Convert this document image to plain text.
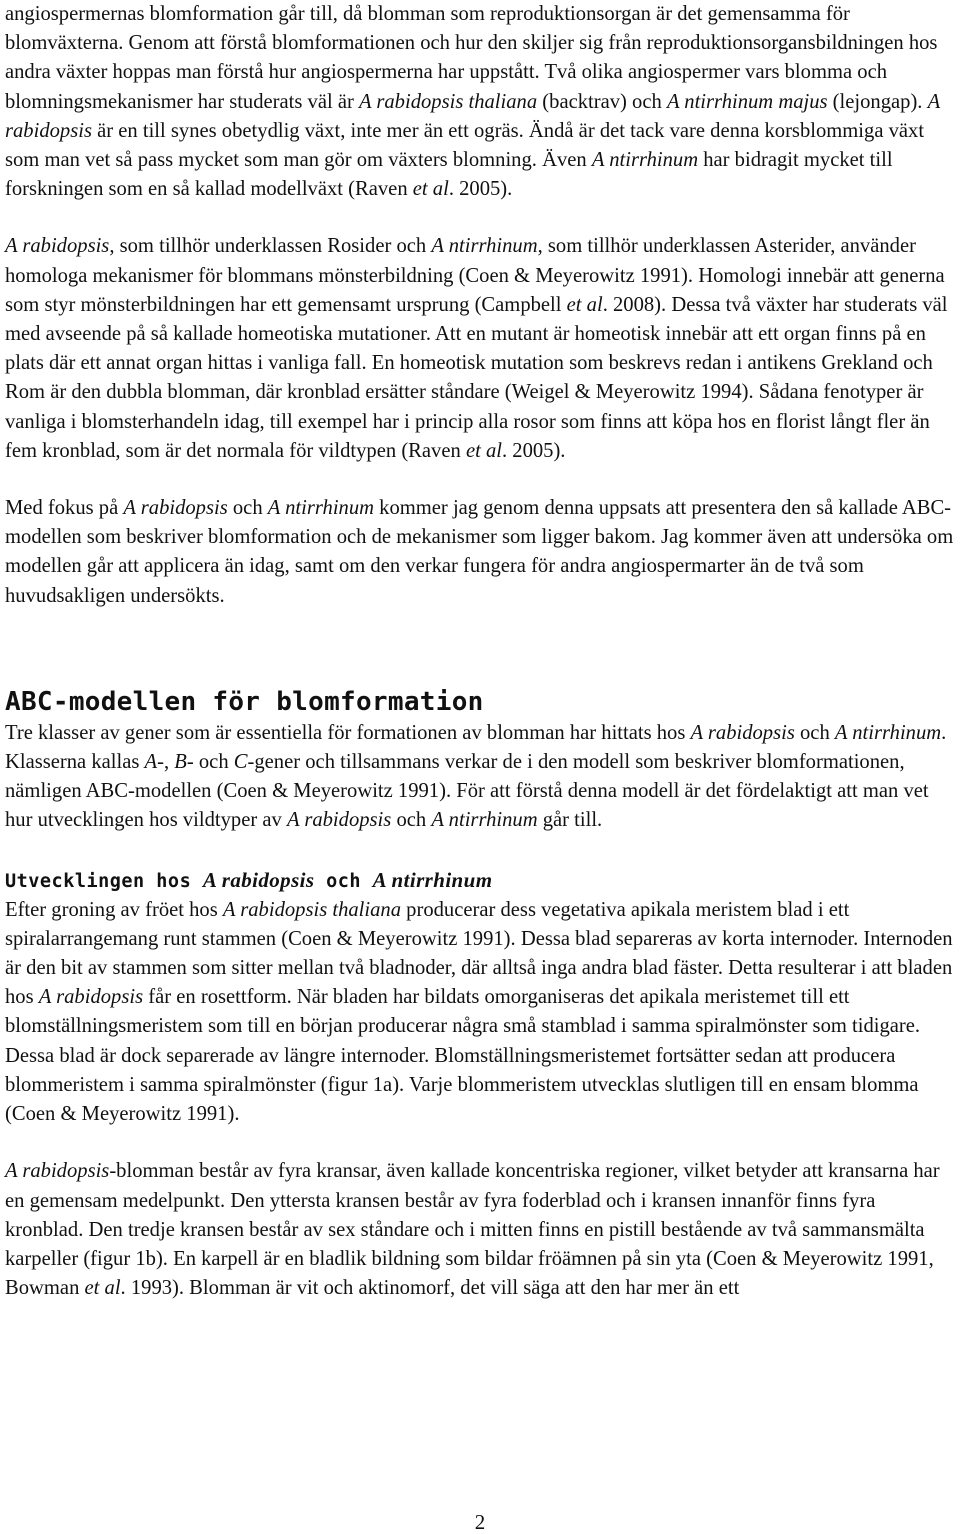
angiospermernas blomformation går till, då blomman som reproduktionsorgan är det gemensamma för blomväxterna. Genom att förstå blomformationen och hur den skiljer sig från reproduktionsorgansbildningen hos andra växter hoppas man förstå hur angiospermerna har uppstått. Två olika angiospermer vars blomma och blomningsmekanismer har studerats väl är A rabidopsis thaliana (backtrav) och A ntirrhinum majus (lejongap). A rabidopsis är en till synes obetydlig växt, inte mer än ett ogräs. Ändå är det tack vare denna korsblommiga växt som man vet så pass mycket som man gör om växters blomning. Även A ntirrhinum har bidragit mycket till forskningen som en så kallad modellväxt (Raven et al. 2005).

A rabidopsis, som tillhör underklassen Rosider och A ntirrhinum, som tillhör underklassen Asterider, använder homologa mekanismer för blommans mönsterbildning (Coen & Meyerowitz 1991). Homologi innebär att generna som styr mönsterbildningen har ett gemensamt ursprung (Campbell et al. 2008). Dessa två växter har studerats väl med avseende på så kallade homeotiska mutationer. Att en mutant är homeotisk innebär att ett organ finns på en plats där ett annat organ hittas i vanliga fall. En homeotisk mutation som beskrevs redan i antikens Grekland och Rom är den dubbla blomman, där kronblad ersätter ståndare (Weigel & Meyerowitz 1994). Sådana fenotyper är vanliga i blomsterhandeln idag, till exempel har i princip alla rosor som finns att köpa hos en florist långt fler än fem kronblad, som är det normala för vildtypen (Raven et al. 2005).

Med fokus på A rabidopsis och A ntirrhinum kommer jag genom denna uppsats att presentera den så kallade ABC-modellen som beskriver blomformation och de mekanismer som ligger bakom. Jag kommer även att undersöka om modellen går att applicera än idag, samt om den verkar fungera för andra angiospermarter än de två som huvudsakligen undersökts.

ABC-modellen för blomformation

Tre klasser av gener som är essentiella för formationen av blomman har hittats hos A rabidopsis och A ntirrhinum. Klasserna kallas A-, B- och C-gener och tillsammans verkar de i den modell som beskriver blomformationen, nämligen ABC-modellen (Coen & Meyerowitz 1991). För att förstå denna modell är det fördelaktigt att man vet hur utvecklingen hos vildtyper av A rabidopsis och A ntirrhinum går till.

Utvecklingen hos A rabidopsis och A ntirrhinum

Efter groning av fröet hos A rabidopsis thaliana producerar dess vegetativa apikala meristem blad i ett spiralarrangemang runt stammen (Coen & Meyerowitz 1991). Dessa blad separeras av korta internoder. Internoden är den bit av stammen som sitter mellan två bladnoder, där alltså inga andra blad fäster. Detta resulterar i att bladen hos A rabidopsis får en rosettform. När bladen har bildats omorganiseras det apikala meristemet till ett blomställningsmeristem som till en början producerar några små stamblad i samma spiralmönster som tidigare. Dessa blad är dock separerade av längre internoder. Blomställningsmeristemet fortsätter sedan att producera blommeristem i samma spiralmönster (figur 1a). Varje blommeristem utvecklas slutligen till en ensam blomma (Coen & Meyerowitz 1991).

A rabidopsis-blomman består av fyra kransar, även kallade koncentriska regioner, vilket betyder att kransarna har en gemensam medelpunkt. Den yttersta kransen består av fyra foderblad och i kransen innanför finns fyra kronblad. Den tredje kransen består av sex ståndare och i mitten finns en pistill bestående av två sammansmälta karpeller (figur 1b). En karpell är en bladlik bildning som bildar fröämnen på sin yta (Coen & Meyerowitz 1991, Bowman et al. 1993). Blomman är vit och aktinomorf, det vill säga att den har mer än ett

2
